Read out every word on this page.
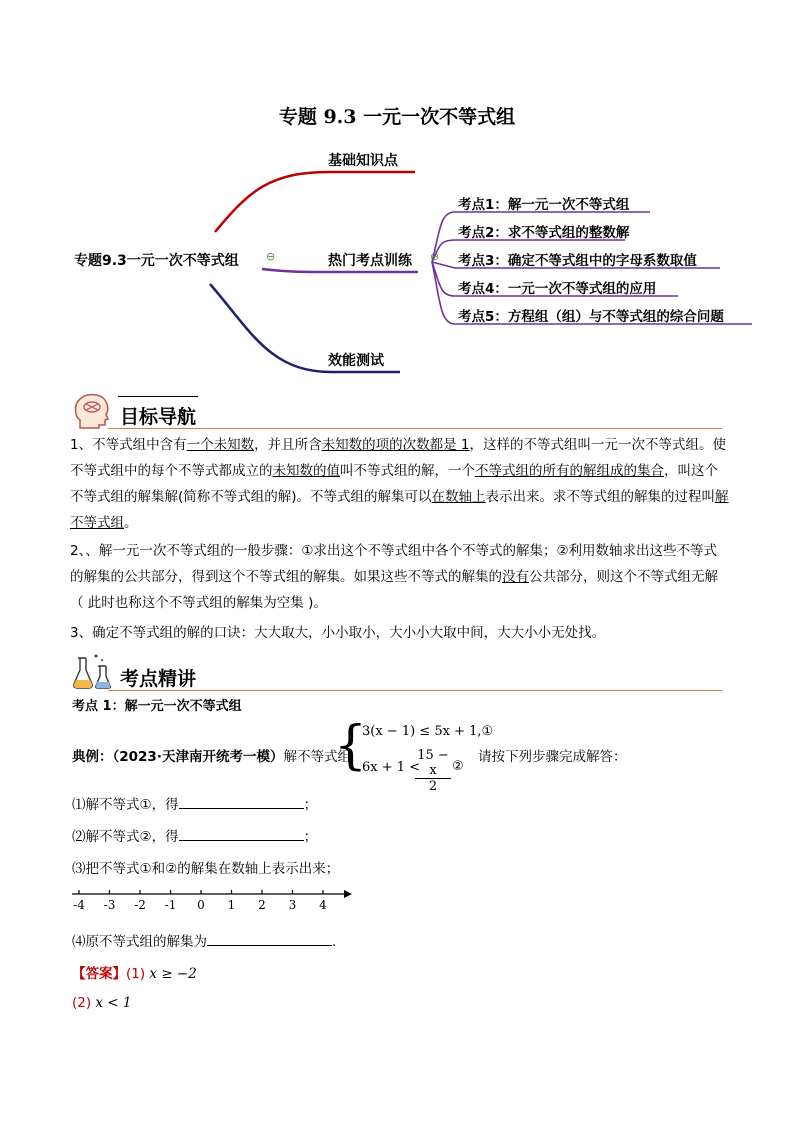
专题 9.3 一元一次不等式组
专题9.3一元一次不等式组 ⊖
基础知识点
热门考点训练 ⊖
效能测试
考点1：解一元一次不等式组
考点2：求不等式组的整数解
考点3：确定不等式组中的字母系数取值
考点4：一元一次不等式组的应用
考点5：方程组（组）与不等式组的综合问题
目标导航
1、不等式组中含有一个未知数，并且所含未知数的项的次数都是 1，这样的不等式组叫一元一次不等式组。使不等式组中的每个不等式都成立的未知数的值叫不等式组的解，一个不等式组的所有的解组成的集合，叫这个不等式组的解集解(简称不等式组的解)。不等式组的解集可以在数轴上表示出来。求不等式组的解集的过程叫解不等式组。
2、、解一元一次不等式组的一般步骤：①求出这个不等式组中各个不等式的解集；②利用数轴求出这些不等式的解集的公共部分，得到这个不等式组的解集。如果这些不等式的解集的没有公共部分，则这个不等式组无解（ 此时也称这个不等式组的解集为空集 )。
3、确定不等式组的解的口诀：大大取大，小小取小，大小小大取中间，大大小小无处找。
考点精讲
考点 1：解一元一次不等式组
典例：（2023·天津南开统考一模）解不等式组
{
3(x − 1) ≤ 5x + 1,①
6x + 1 <
$\frac{15 - x}{2}$ ②
请按下列步骤完成解答：
⑴解不等式①，得	；
⑵解不等式②，得	；
⑶把不等式①和②的解集在数轴上表示出来；
-4	-3	-2	-1	0	1	2	3	4
⑷原不等式组的解集为	.
【答案】(1) x ≥ −2
(2) x < 1
